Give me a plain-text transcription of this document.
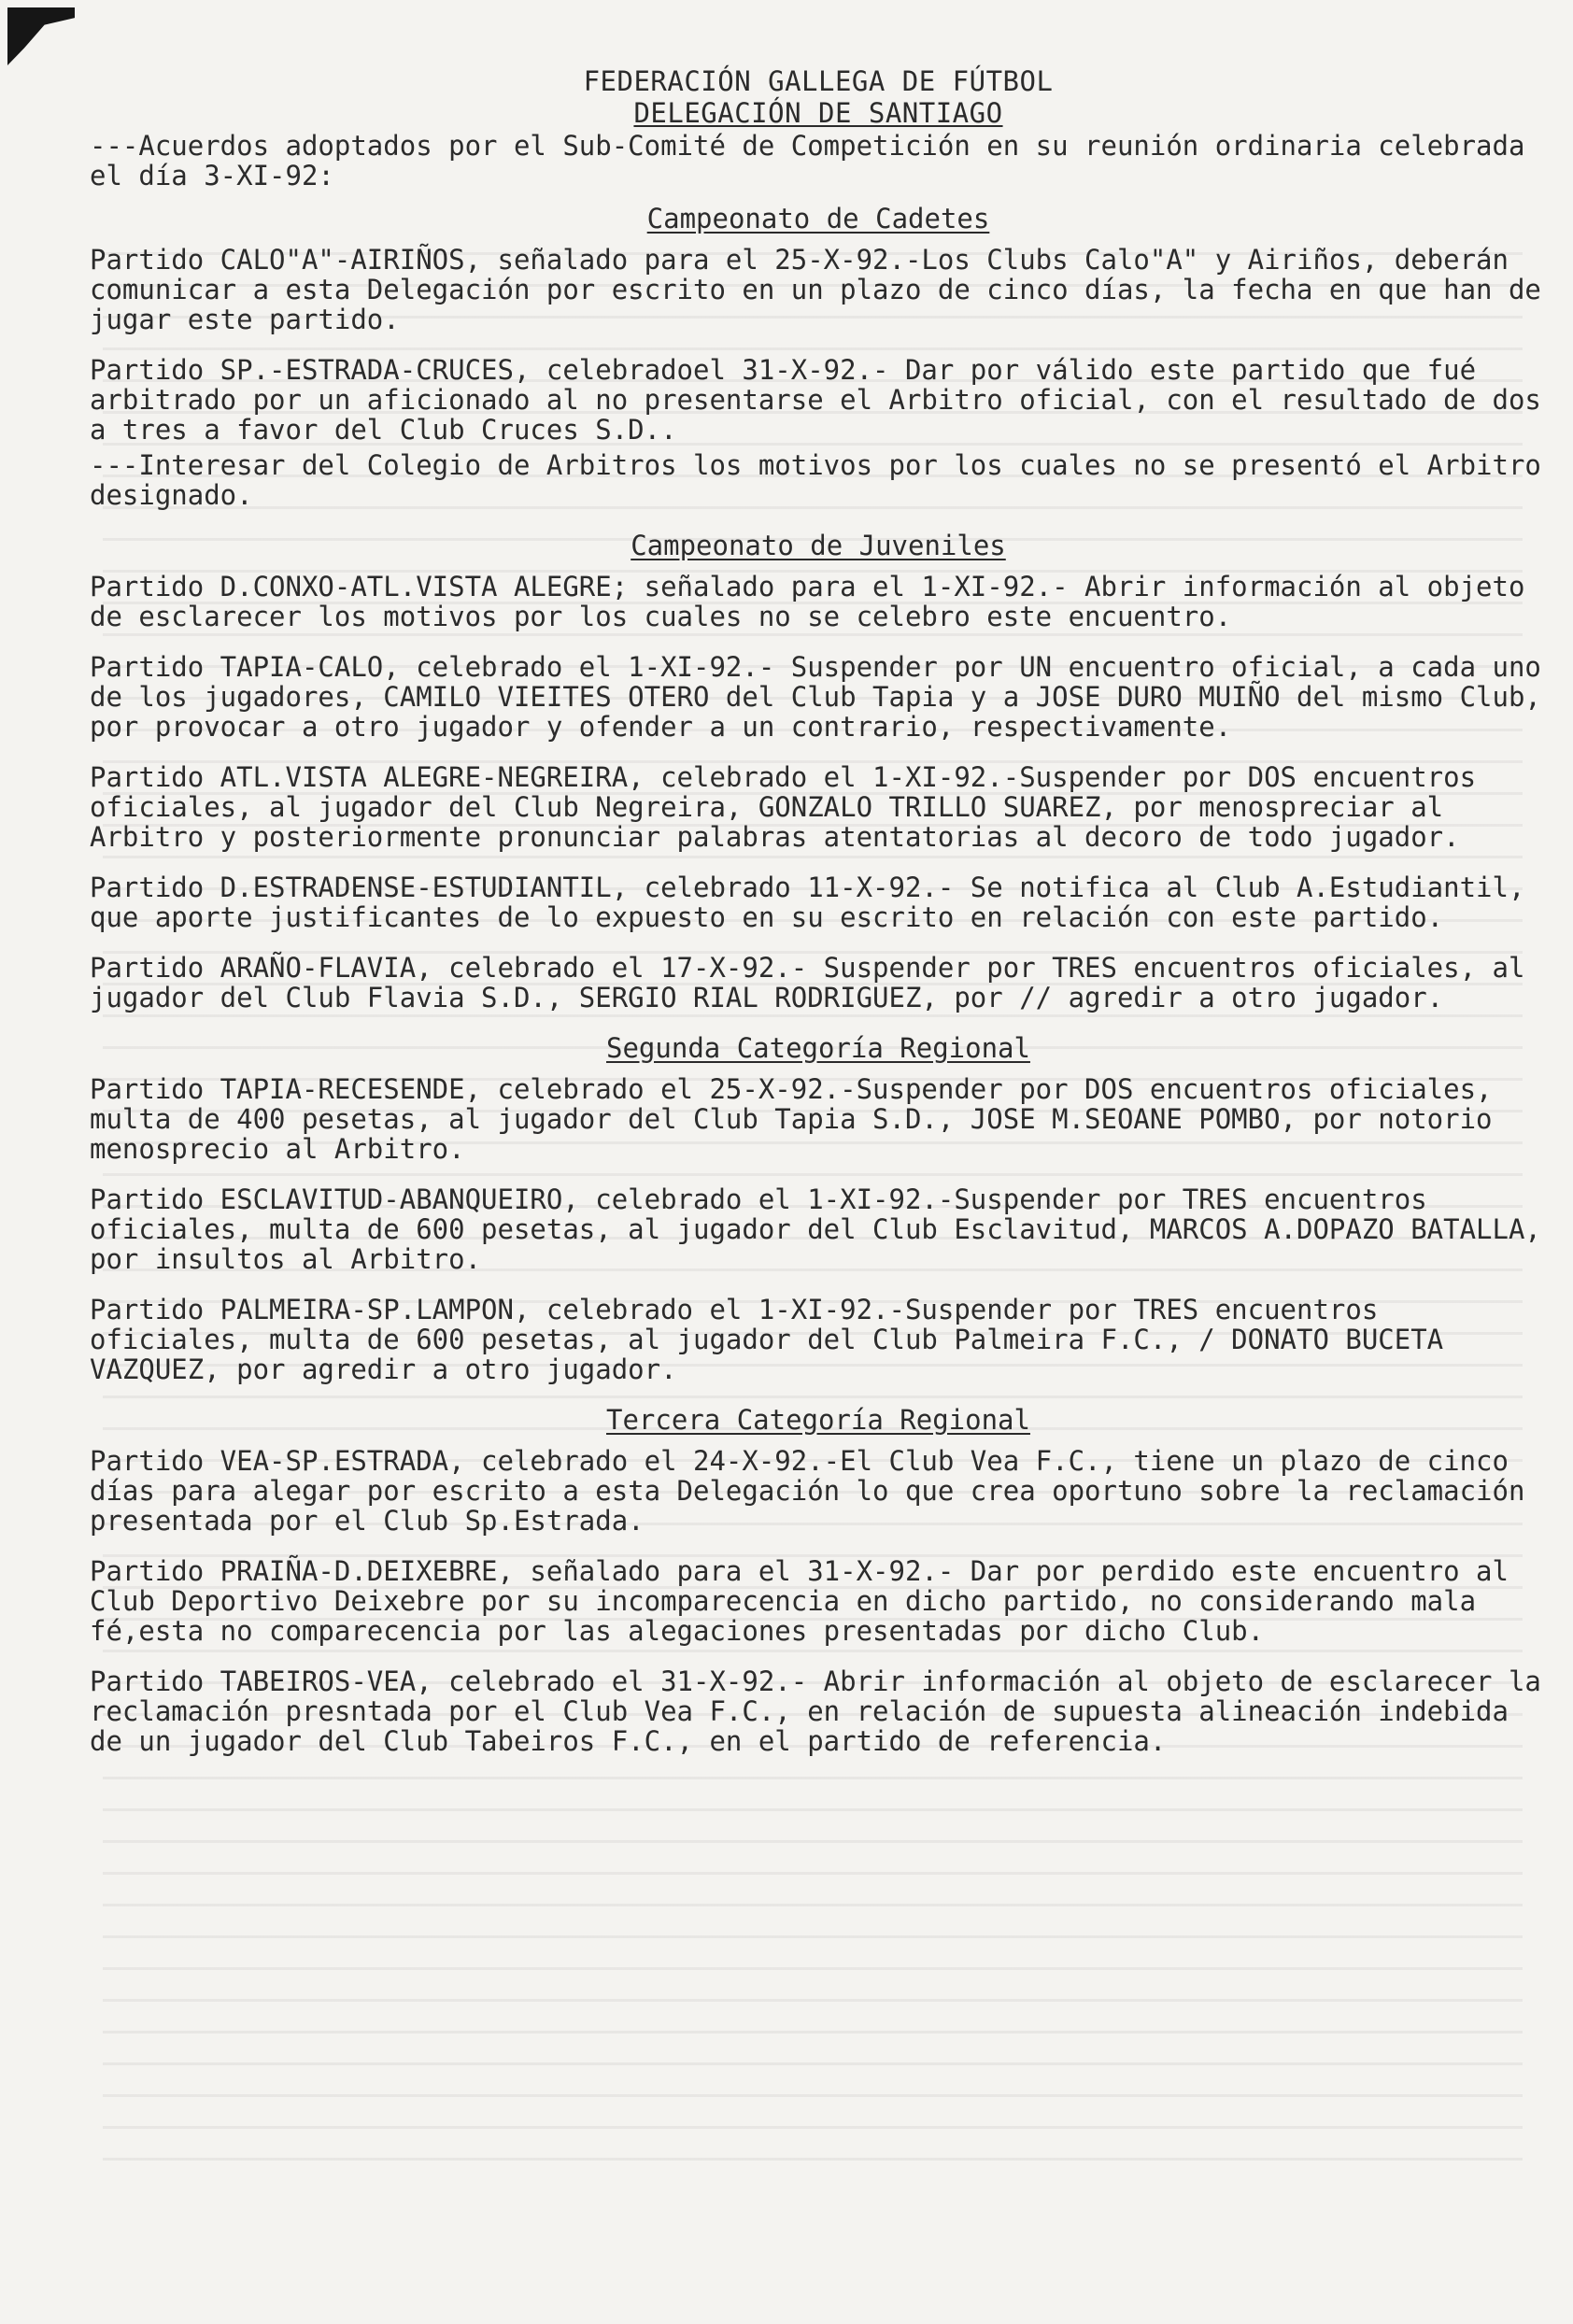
FEDERACIÓN GALLEGA DE FÚTBOL
DELEGACIÓN DE SANTIAGO

---Acuerdos adoptados por el Sub-Comité de Competición en su reunión ordinaria celebrada el día 3-XI-92:

Campeonato de Cadetes

Partido CALO"A"-AIRIÑOS, señalado para el 25-X-92.-Los Clubs Calo"A" y Airiños, deberán comunicar a esta Delegación por escrito en un plazo de cinco días, la fecha en que han de jugar este partido.

Partido SP.-ESTRADA-CRUCES, celebradoel 31-X-92.- Dar por válido este partido que fué arbitrado por un aficionado al no presentarse el Arbitro oficial, con el resultado de dos a tres a favor del Club Cruces S.D..

---Interesar del Colegio de Arbitros los motivos por los cuales no se presentó el Arbitro designado.

Campeonato de Juveniles

Partido D.CONXO-ATL.VISTA ALEGRE; señalado para el 1-XI-92.- Abrir información al objeto de esclarecer los motivos por los cuales no se celebro este encuentro.

Partido TAPIA-CALO, celebrado el 1-XI-92.- Suspender por UN encuentro oficial, a cada uno de los jugadores, CAMILO VIEITES OTERO del Club Tapia y a JOSE DURO MUIÑO del mismo Club, por provocar a otro jugador y ofender a un contrario, respectivamente.

Partido ATL.VISTA ALEGRE-NEGREIRA, celebrado el 1-XI-92.-Suspender por DOS encuentros oficiales, al jugador del Club Negreira, GONZALO TRILLO SUAREZ, por menospreciar al Arbitro y posteriormente pronunciar palabras atentatorias al decoro de todo jugador.

Partido D.ESTRADENSE-ESTUDIANTIL, celebrado 11-X-92.- Se notifica al Club A.Estudiantil, que aporte justificantes de lo expuesto en su escrito en relación con este partido.

Partido ARAÑO-FLAVIA, celebrado el 17-X-92.- Suspender por TRES encuentros oficiales, al jugador del Club Flavia S.D., SERGIO RIAL RODRIGUEZ, por // agredir a otro jugador.

Segunda Categoría Regional

Partido TAPIA-RECESENDE, celebrado el 25-X-92.-Suspender por DOS encuentros oficiales, multa de 400 pesetas, al jugador del Club Tapia S.D., JOSE M.SEOANE POMBO, por notorio menosprecio al Arbitro.

Partido ESCLAVITUD-ABANQUEIRO, celebrado el 1-XI-92.-Suspender por TRES encuentros oficiales, multa de 600 pesetas, al jugador del Club Esclavitud, MARCOS A.DOPAZO BATALLA, por insultos al Arbitro.

Partido PALMEIRA-SP.LAMPON, celebrado el 1-XI-92.-Suspender por TRES encuentros oficiales, multa de 600 pesetas, al jugador del Club Palmeira F.C., / DONATO BUCETA VAZQUEZ, por agredir a otro jugador.

Tercera Categoría Regional

Partido VEA-SP.ESTRADA, celebrado el 24-X-92.-El Club Vea F.C., tiene un plazo de cinco días para alegar por escrito a esta Delegación lo que crea oportuno sobre la reclamación presentada por el Club Sp.Estrada.

Partido PRAIÑA-D.DEIXEBRE, señalado para el 31-X-92.- Dar por perdido este encuentro al Club Deportivo Deixebre por su incomparecencia en dicho partido, no considerando mala fé,esta no comparecencia por las alegaciones presentadas por dicho Club.

Partido TABEIROS-VEA, celebrado el 31-X-92.- Abrir información al objeto de esclarecer la reclamación presntada por el Club Vea F.C., en relación de supuesta alineación indebida de un jugador del Club Tabeiros F.C., en el partido de referencia.
